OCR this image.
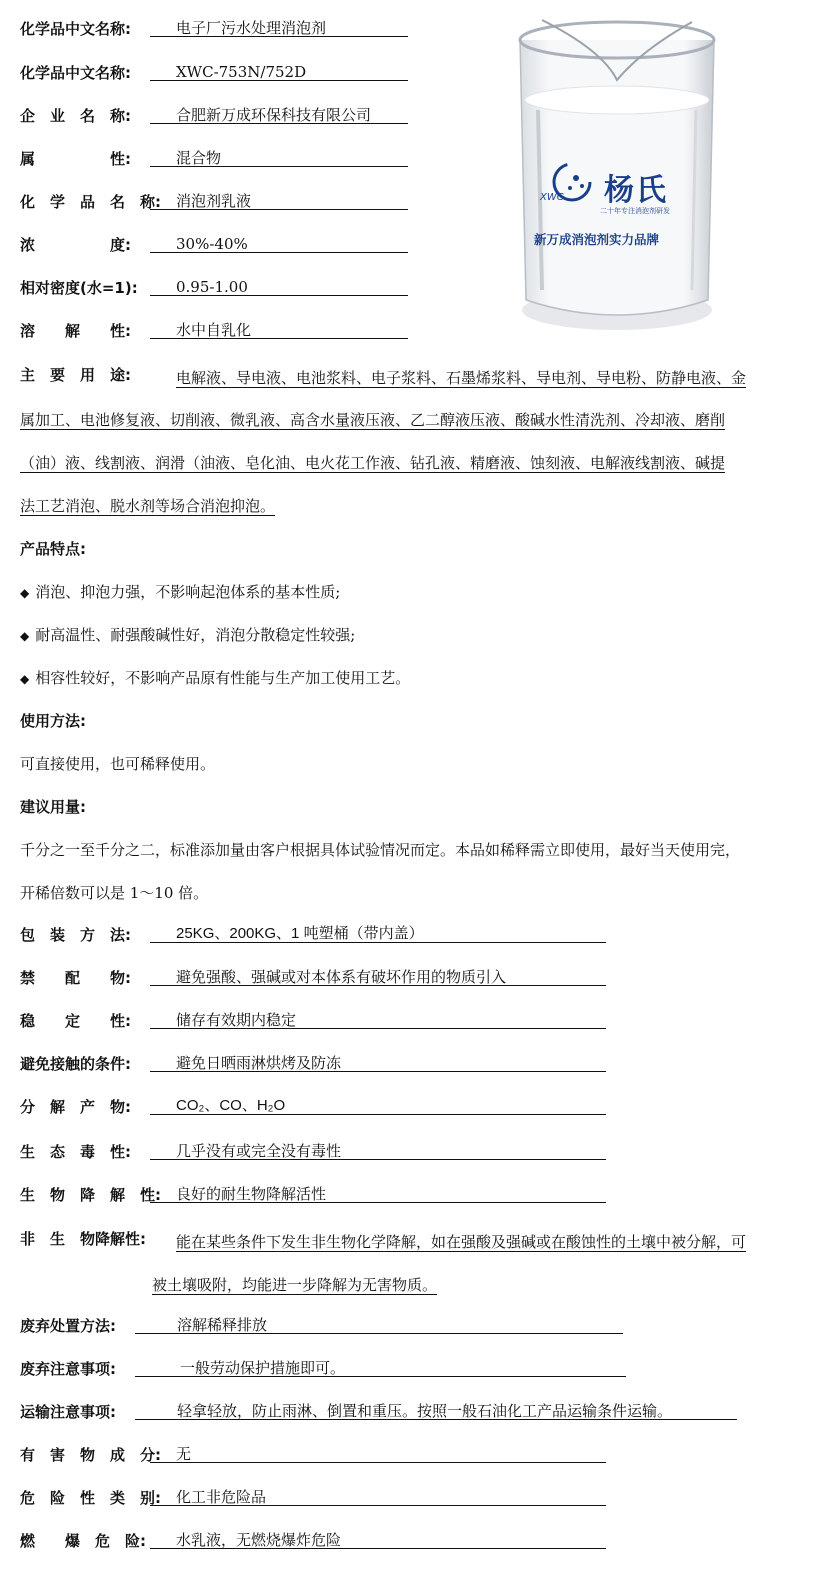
杨氏
XWC
二十年专注消泡剂研发
新万成消泡剂实力品牌
化学品中文名称:	电子厂污水处理消泡剂
化学品中文名称:	XWC-753N/752D
企　业　名　称:	合肥新万成环保科技有限公司
属　　　　　性:	混合物
化　学　品　名　称:	消泡剂乳液
浓　　　　　度:	30%-40%
相对密度(水=1):	0.95-1.00
溶　　解　　性:	水中自乳化
主　要　用　途:	电解液、导电液、电池浆料、电子浆料、石墨烯浆料、导电剂、导电粉、防静电液、金
属加工、电池修复液、切削液、微乳液、高含水量液压液、乙二醇液压液、酸碱水性清洗剂、冷却液、磨削
（油）液、线割液、润滑（油液、皂化油、电火花工作液、钻孔液、精磨液、蚀刻液、电解液线割液、碱提
法工艺消泡、脱水剂等场合消泡抑泡。
产品特点:
◆ 消泡、抑泡力强，不影响起泡体系的基本性质;
◆ 耐高温性、耐强酸碱性好，消泡分散稳定性较强;
◆ 相容性较好，不影响产品原有性能与生产加工使用工艺。
使用方法:
可直接使用，也可稀释使用。
建议用量:
千分之一至千分之二，标准添加量由客户根据具体试验情况而定。本品如稀释需立即使用，最好当天使用完，
开稀倍数可以是 1～10 倍。
包　装　方　法:	25KG、200KG、1 吨塑桶（带内盖）
禁　　配　　物:	避免强酸、强碱或对本体系有破坏作用的物质引入
稳　　定　　性:	储存有效期内稳定
避免接触的条件:	避免日晒雨淋烘烤及防冻
分　解　产　物:	CO₂、CO、H₂O
生　态　毒　性:	几乎没有或完全没有毒性
生　物　降　解　性:	良好的耐生物降解活性
非　生　物降解性: 能在某些条件下发生非生物化学降解，如在强酸及强碱或在酸蚀性的土壤中被分解，可
被土壤吸附，均能进一步降解为无害物质。
废弃处置方法:	溶解稀释排放
废弃注意事项:	一般劳动保护措施即可。
运输注意事项:	轻拿轻放，防止雨淋、倒置和重压。按照一般石油化工产品运输条件运输。
有　害　物　成　分:	无
危　险　性　类　别:	化工非危险品
燃　　爆　危　险:	水乳液，无燃烧爆炸危险
